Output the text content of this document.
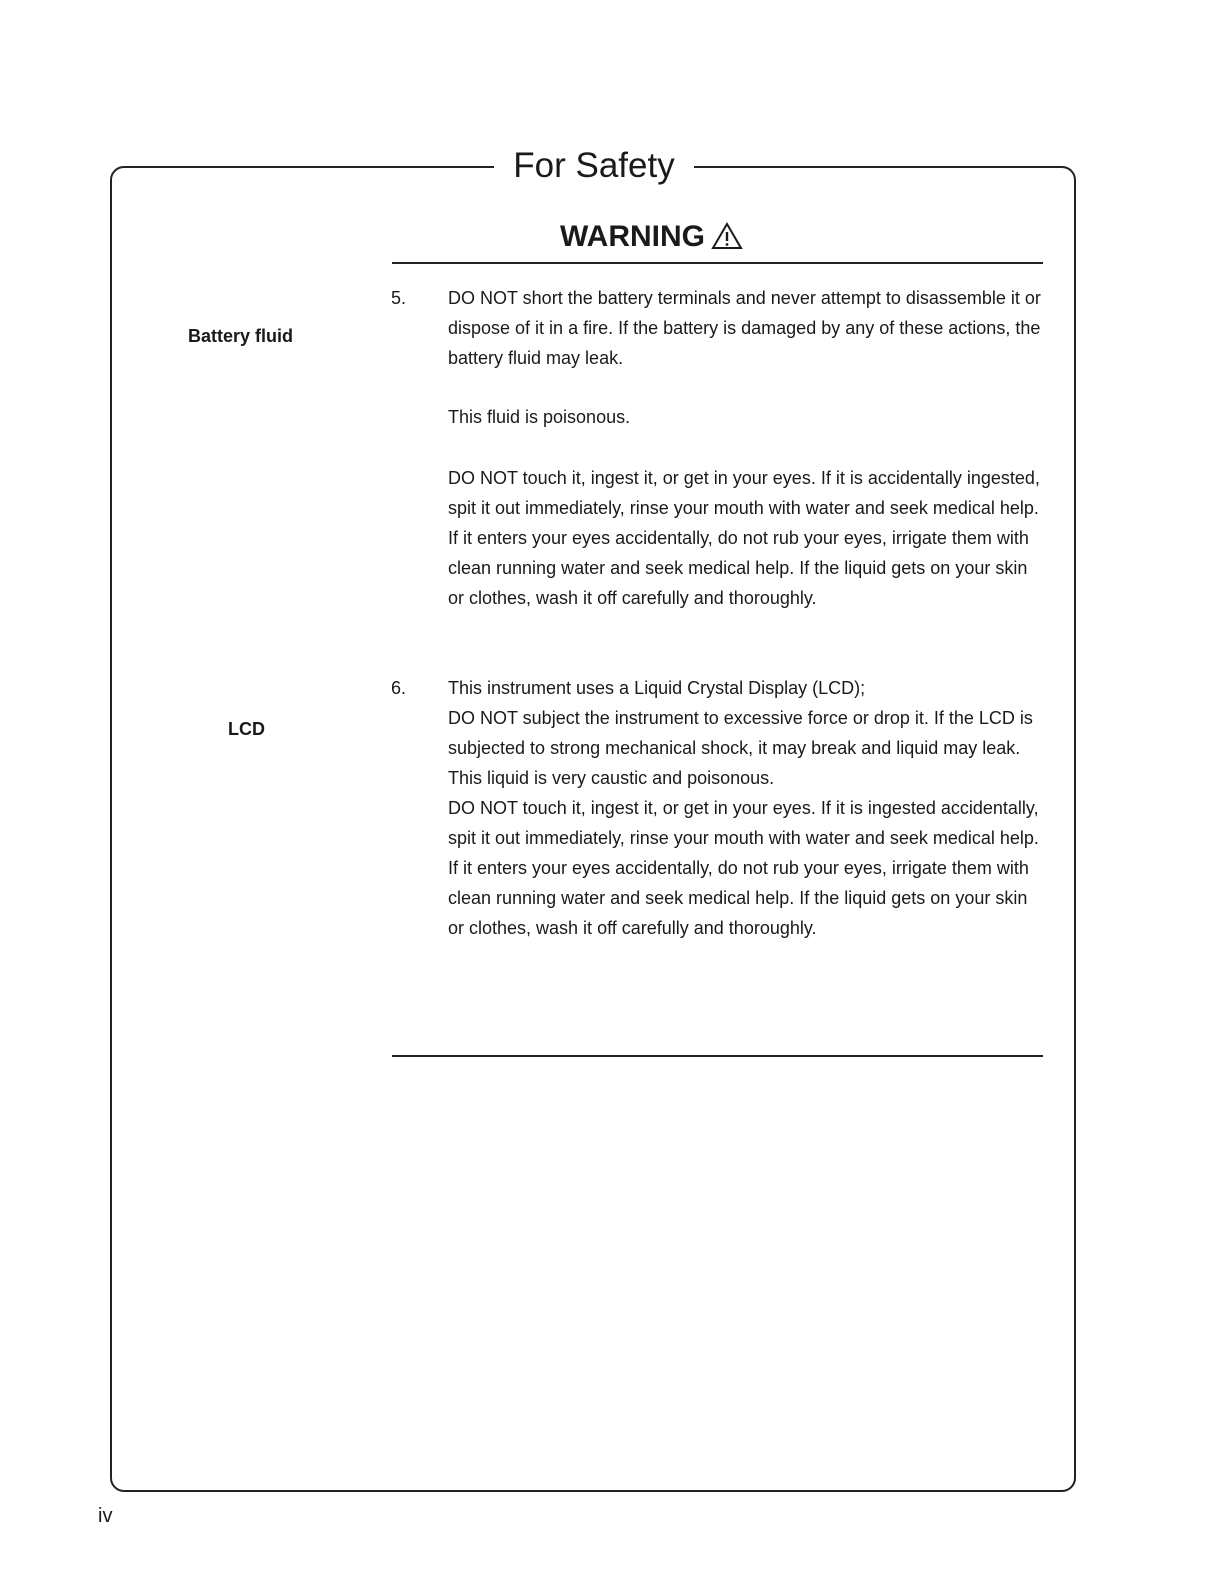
For Safety
WARNING
Battery fluid
5. DO NOT short the battery terminals and never attempt to disassemble it or dispose of it in a fire. If the battery is damaged by any of these actions, the battery fluid may leak.

This fluid is poisonous.

DO NOT touch it, ingest it, or get in your eyes. If it is accidentally ingested, spit it out immediately, rinse your mouth with water and seek medical help. If it enters your eyes accidentally, do not rub your eyes, irrigate them with clean running water and seek medical help. If the liquid gets on your skin or clothes, wash it off carefully and thoroughly.

LCD
6. This instrument uses a Liquid Crystal Display (LCD);
DO NOT subject the instrument to excessive force or drop it. If the LCD is subjected to strong mechanical shock, it may break and liquid may leak.
This liquid is very caustic and poisonous.
DO NOT touch it, ingest it, or get in your eyes. If it is ingested accidentally, spit it out immediately, rinse your mouth with water and seek medical help. If it enters your eyes accidentally, do not rub your eyes, irrigate them with clean running water and seek medical help. If the liquid gets on your skin or clothes, wash it off carefully and thoroughly.
iv
